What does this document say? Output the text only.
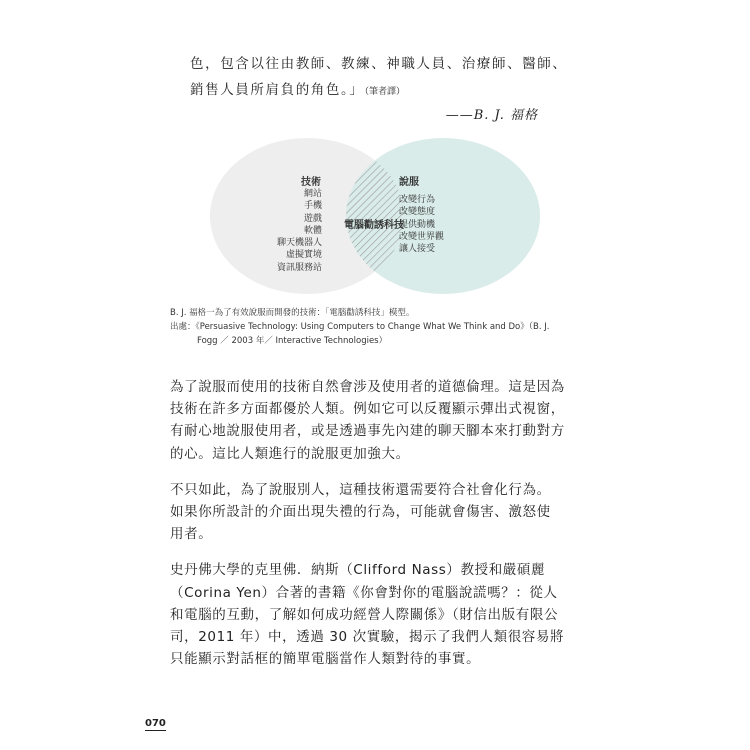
色，包含以往由教師、教練、神職人員、治療師、醫師、
銷售人員所肩負的角色。」（筆者譯）
——B. J. 福格
技術
網站
手機
遊戲
軟體
聊天機器人
虛擬實境
資訊服務站
電腦勸誘科技
說服
改變行為
改變態度
提供動機
改變世界觀
讓人接受
B. J. 福格一為了有效說服而開發的技術：「電腦勸誘科技」模型。
出處：《Persuasive Technology: Using Computers to Change What We Think and Do》（B. J.
Fogg ／ 2003 年／ Interactive Technologies）

為了說服而使用的技術自然會涉及使用者的道德倫理。這是因為
技術在許多方面都優於人類。例如它可以反覆顯示彈出式視窗，
有耐心地說服使用者，或是透過事先內建的聊天腳本來打動對方
的心。這比人類進行的說服更加強大。

不只如此，為了說服別人，這種技術還需要符合社會化行為。
如果你所設計的介面出現失禮的行為，可能就會傷害、激怒使
用者。

史丹佛大學的克里佛．納斯（Clifford Nass）教授和嚴碩麗
（Corina Yen）合著的書籍《你會對你的電腦說謊嗎？：從人
和電腦的互動，了解如何成功經營人際關係》（財信出版有限公
司，2011 年）中，透過 30 次實驗，揭示了我們人類很容易將
只能顯示對話框的簡單電腦當作人類對待的事實。

070
